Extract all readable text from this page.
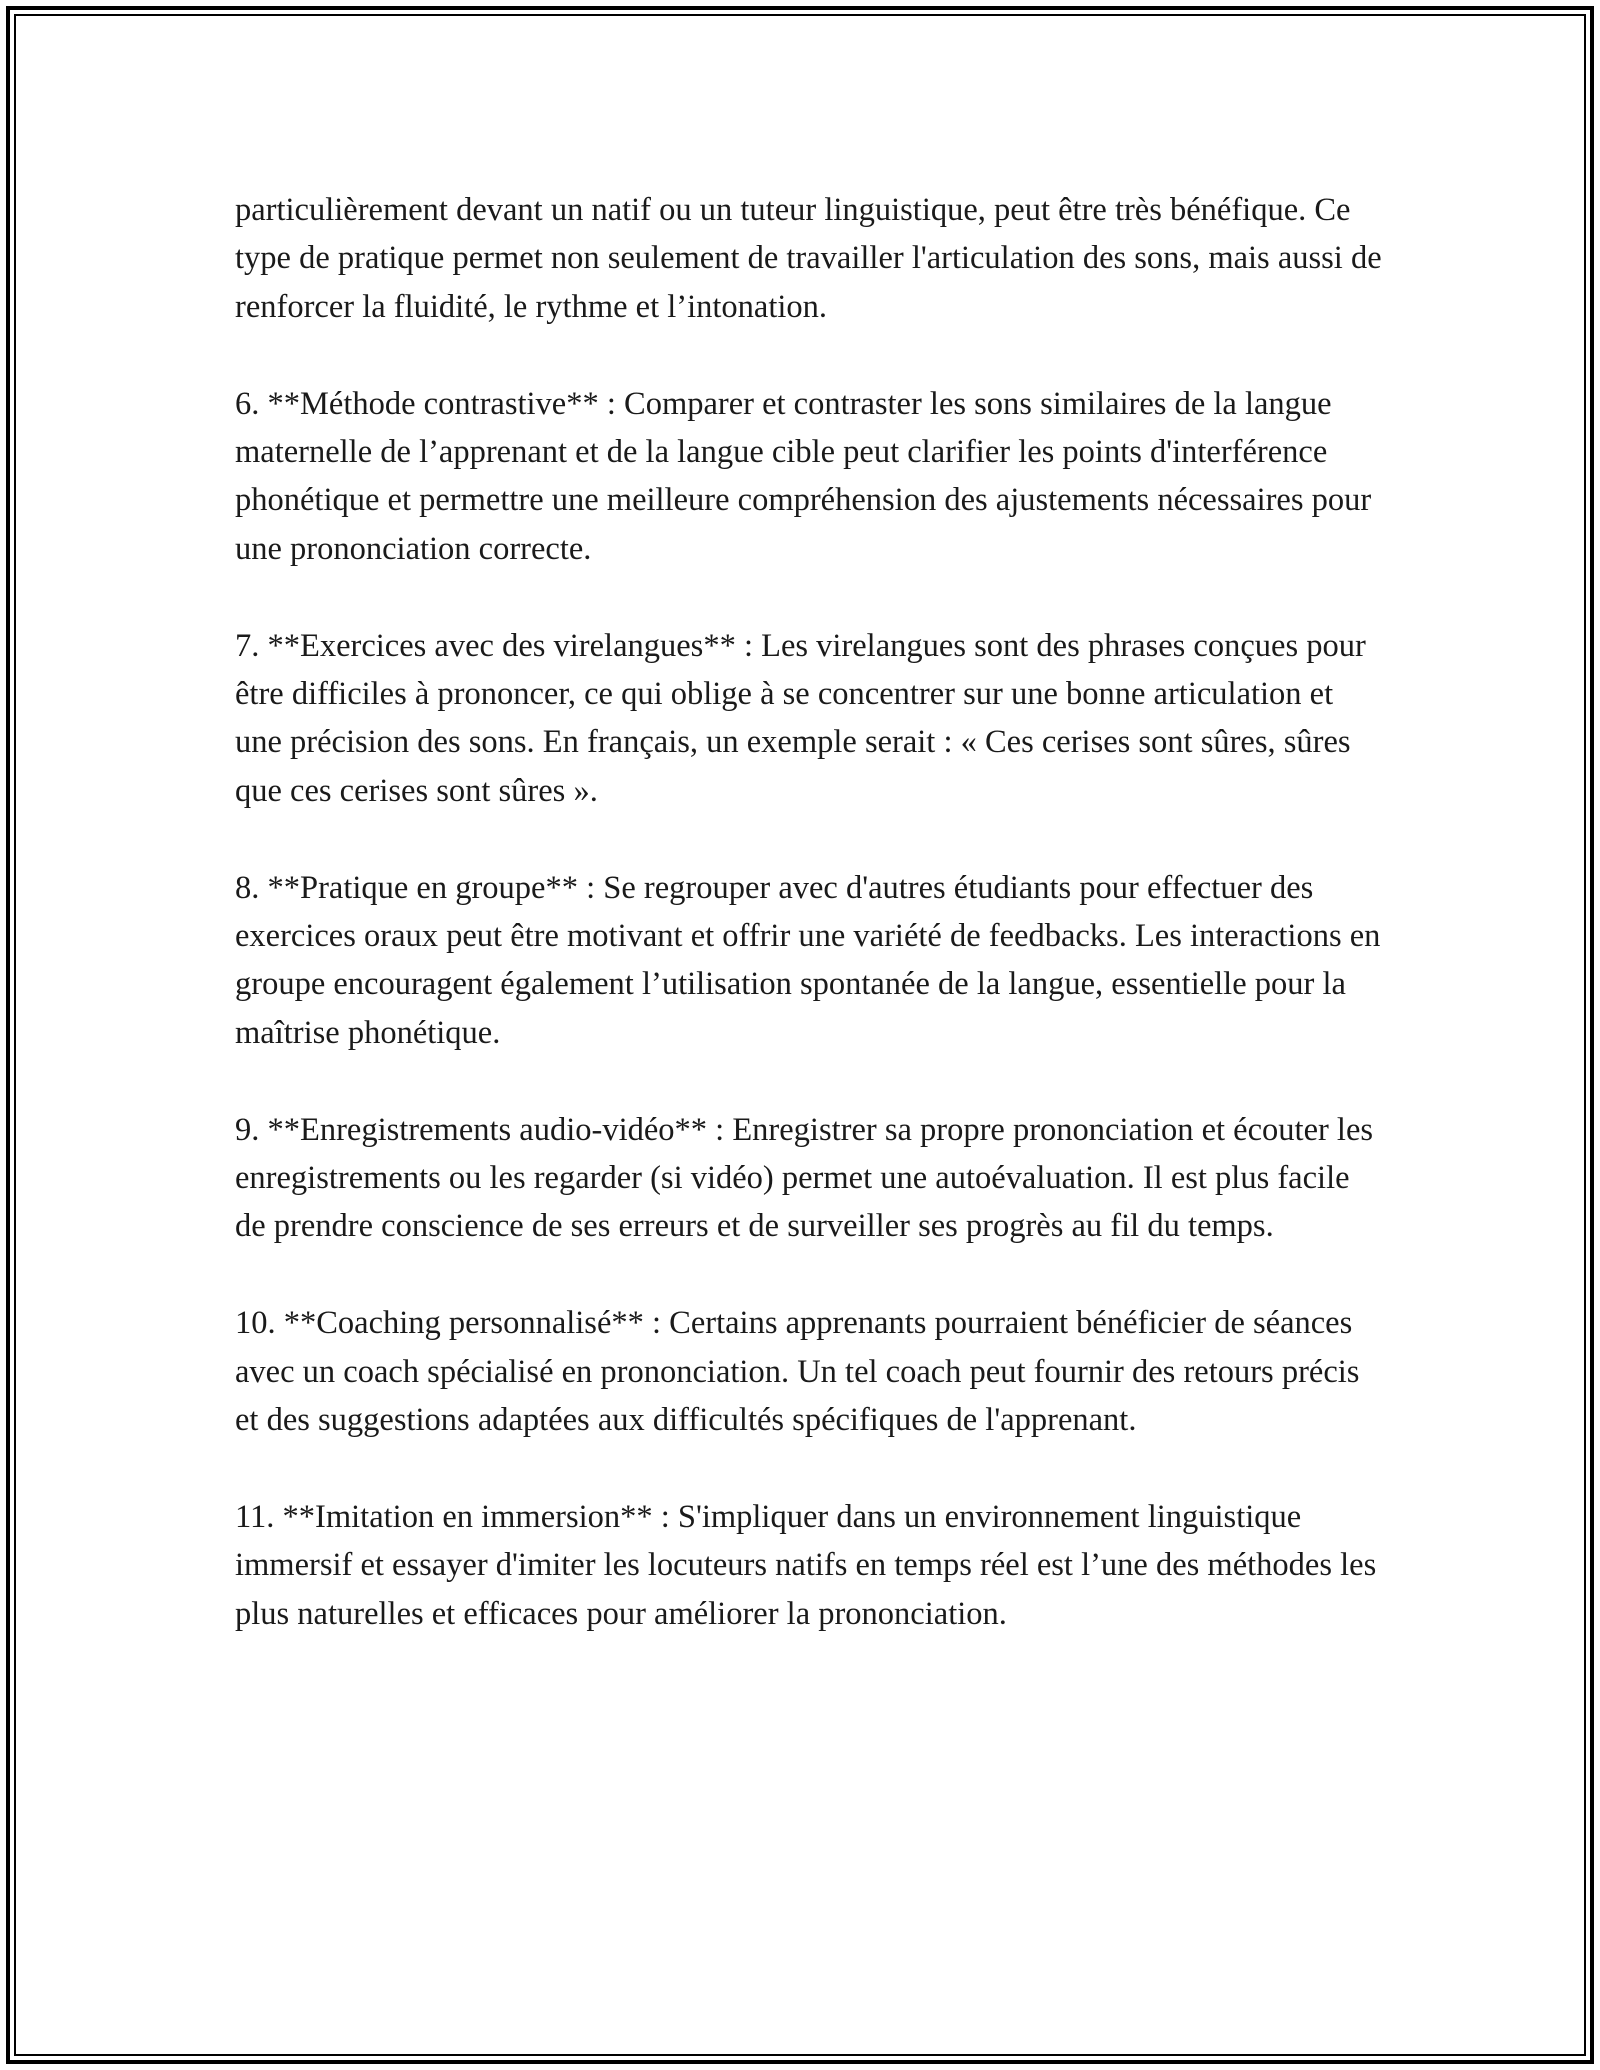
particulièrement devant un natif ou un tuteur linguistique, peut être très bénéfique. Ce type de pratique permet non seulement de travailler l'articulation des sons, mais aussi de renforcer la fluidité, le rythme et l’intonation.

6. **Méthode contrastive** : Comparer et contraster les sons similaires de la langue maternelle de l’apprenant et de la langue cible peut clarifier les points d'interférence phonétique et permettre une meilleure compréhension des ajustements nécessaires pour une prononciation correcte.

7. **Exercices avec des virelangues** : Les virelangues sont des phrases conçues pour être difficiles à prononcer, ce qui oblige à se concentrer sur une bonne articulation et une précision des sons. En français, un exemple serait : « Ces cerises sont sûres, sûres que ces cerises sont sûres ».

8. **Pratique en groupe** : Se regrouper avec d'autres étudiants pour effectuer des exercices oraux peut être motivant et offrir une variété de feedbacks. Les interactions en groupe encouragent également l’utilisation spontanée de la langue, essentielle pour la maîtrise phonétique.

9. **Enregistrements audio-vidéo** : Enregistrer sa propre prononciation et écouter les enregistrements ou les regarder (si vidéo) permet une autoévaluation. Il est plus facile de prendre conscience de ses erreurs et de surveiller ses progrès au fil du temps.

10. **Coaching personnalisé** : Certains apprenants pourraient bénéficier de séances avec un coach spécialisé en prononciation. Un tel coach peut fournir des retours précis et des suggestions adaptées aux difficultés spécifiques de l'apprenant.

11. **Imitation en immersion** : S'impliquer dans un environnement linguistique immersif et essayer d'imiter les locuteurs natifs en temps réel est l’une des méthodes les plus naturelles et efficaces pour améliorer la prononciation.
